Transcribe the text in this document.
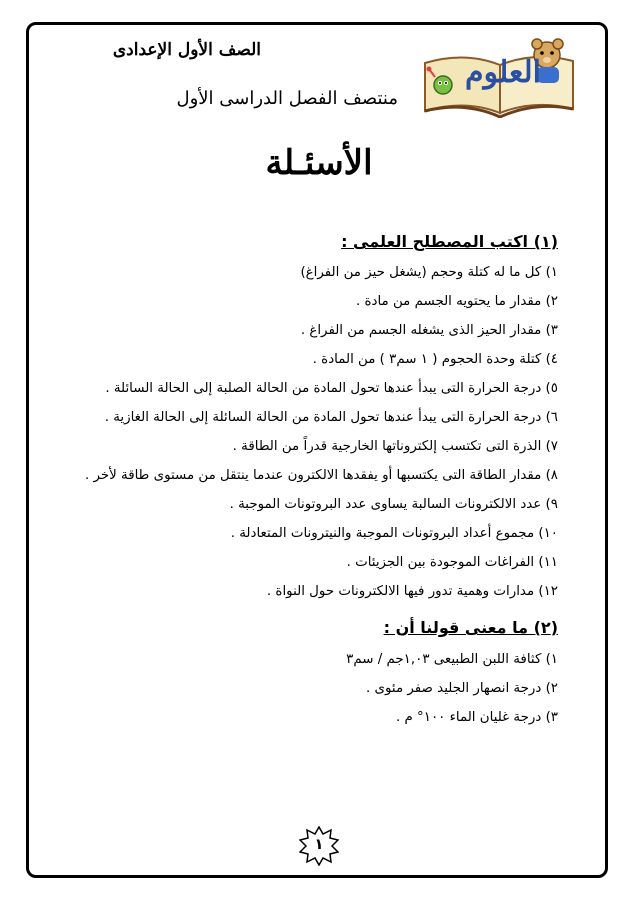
العلوم
الصف الأول الإعدادى
منتصف الفصل الدراسى الأول
الأسئـلة
(١) اكتب المصطلح العلمى :
١) كل ما له كتلة وحجم (يشغل حيز من الفراغ)
٢) مقدار ما يحتويه الجسم من مادة .
٣) مقدار الحيز الذى يشغله الجسم من الفراغ .
٤) كتلة وحدة الحجوم ( ١ سم٣ ) من المادة .
٥) درجة الحرارة التى يبدأ عندها تحول المادة من الحالة الصلبة إلى الحالة السائلة .
٦) درجة الحرارة التى يبدأ عندها تحول المادة من الحالة السائلة إلى الحالة الغازية .
٧) الذرة التى تكتسب إلكتروناتها الخارجية قدراً من الطاقة .
٨) مقدار الطاقة التى يكتسبها أو يفقدها الالكترون عندما ينتقل من مستوى طاقة لأخر .
٩) عدد الالكترونات السالبة يساوى عدد البروتونات الموجبة .
١٠) مجموع أعداد البروتونات الموجبة والنيترونات المتعادلة .
١١) الفراغات الموجودة بين الجزيئات .
١٢) مدارات وهمية تدور فيها الالكترونات حول النواة .
(٢) ما معنى قولنا أن :
١) كثافة اللبن الطبيعى ١,٠٣جم / سم٣
٢) درجة انصهار الجليد صفر مئوى .
٣) درجة غليان الماء ١٠٠° م .
١
